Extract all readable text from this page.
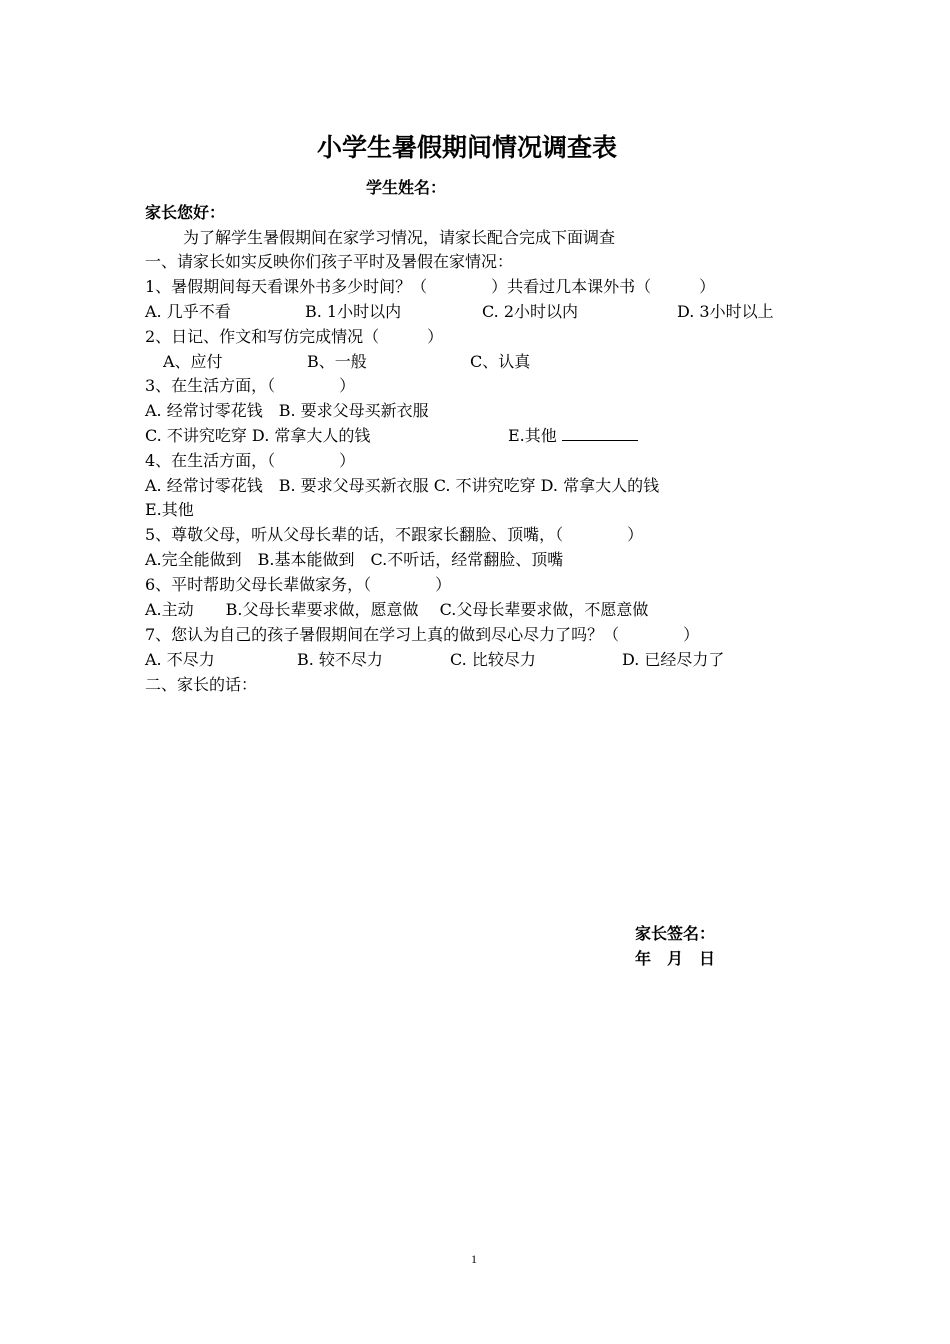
小学生暑假期间情况调查表
学生姓名：
家长您好：
为了解学生暑假期间在家学习情况，请家长配合完成下面调查
一、请家长如实反映你们孩子平时及暑假在家情况：
1、暑假期间每天看课外书多少时间？（　　　　）共看过几本课外书（　　　）
A. 几乎不看	B. 1小时以内	C. 2小时以内	D. 3小时以上
2、日记、作文和写仿完成情况（　　　）
A、应付	B、一般	C、认真
3、在生活方面，（　　　　）
A. 经常讨零花钱　B. 要求父母买新衣服
C. 不讲究吃穿 D. 常拿大人的钱	E.其他
4、在生活方面，（　　　　）
A. 经常讨零花钱　B. 要求父母买新衣服 C. 不讲究吃穿 D. 常拿大人的钱
E.其他
5、尊敬父母，听从父母长辈的话，不跟家长翻脸、顶嘴，（　　　　）
A.完全能做到　B.基本能做到　C.不听话，经常翻脸、顶嘴
6、平时帮助父母长辈做家务，（　　　　）
A.主动　　B.父母长辈要求做，愿意做　 C.父母长辈要求做，不愿意做
7、您认为自己的孩子暑假期间在学习上真的做到尽心尽力了吗？（　　　　）
A. 不尽力	B. 较不尽力	C. 比较尽力	D. 已经尽力了
二、家长的话：
家长签名：
年　月　日
1
